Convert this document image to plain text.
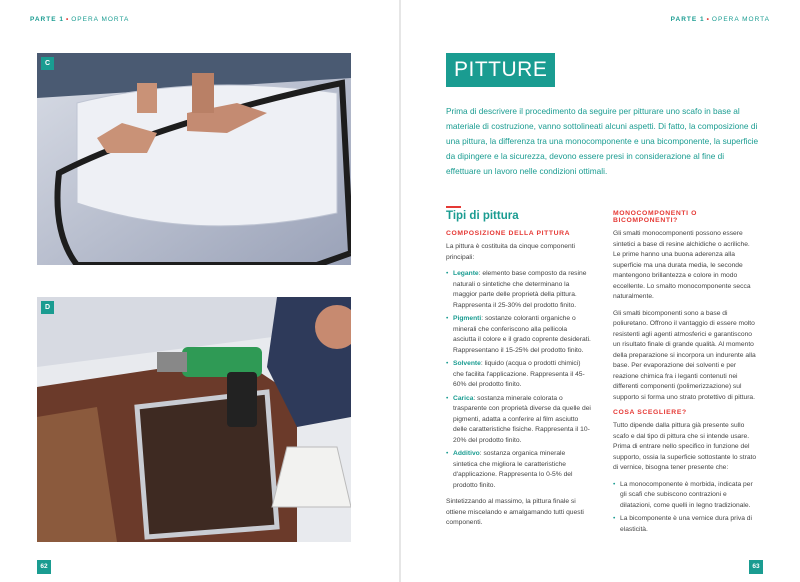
PARTE 1 • OPERA MORTA
C
D
62
PARTE 1 • OPERA MORTA
PITTURE

Prima di descrivere il procedimento da seguire per pitturare uno scafo in base al materiale di costruzione, vanno sottolineati alcuni aspetti. Di fatto, la composizione di una pittura, la differenza tra una monocomponente e una bicomponente, la superficie da dipingere e la sicurezza, devono essere presi in considerazione al fine di effettuare un lavoro nelle condizioni ottimali.

Tipi di pittura
COMPOSIZIONE DELLA PITTURA

La pittura è costituita da cinque componenti principali:

• Legante: elemento base composto da resine naturali o sintetiche che determinano la maggior parte delle proprietà della pittura. Rappresenta il 25-30% del prodotto finito.
• Pigmenti: sostanze coloranti organiche o minerali che conferiscono alla pellicola asciutta il colore e il grado coprente desiderati. Rappresentano il 15-25% del prodotto finito.
• Solvente: liquido (acqua o prodotti chimici) che facilita l'applicazione. Rappresenta il 45-60% del prodotto finito.
• Carica: sostanza minerale colorata o trasparente con proprietà diverse da quelle dei pigmenti, adatta a conferire al film asciutto delle caratteristiche fisiche. Rappresenta il 10-20% del prodotto finito.
• Additivo: sostanza organica minerale sintetica che migliora le caratteristiche d'applicazione. Rappresenta lo 0-5% del prodotto finito.

Sintetizzando al massimo, la pittura finale si ottiene miscelando e amalgamando tutti questi componenti.

MONOCOMPONENTI O BICOMPONENTI?

Gli smalti monocomponenti possono essere sintetici a base di resine alchidiche o acriliche. Le prime hanno una buona aderenza alla superficie ma una durata media, le seconde mantengono brillantezza e colore in modo eccellente. Lo smalto monocomponente secca naturalmente.

Gli smalti bicomponenti sono a base di poliuretano. Offrono il vantaggio di essere molto resistenti agli agenti atmosferici e garantiscono un risultato finale di grande qualità. Al momento della preparazione si incorpora un indurente alla base. Per evaporazione dei solventi e per reazione chimica fra i leganti contenuti nei differenti componenti (polimerizzazione) sul supporto si forma uno strato protettivo di pittura.

COSA SCEGLIERE?

Tutto dipende dalla pittura già presente sullo scafo e dal tipo di pittura che si intende usare. Prima di entrare nello specifico in funzione del supporto, ossia la superficie sottostante lo strato di vernice, bisogna tener presente che:

• La monocomponente è morbida, indicata per gli scafi che subiscono contrazioni e dilatazioni, come quelli in legno tradizionale.
• La bicomponente è una vernice dura priva di elasticità.
63
